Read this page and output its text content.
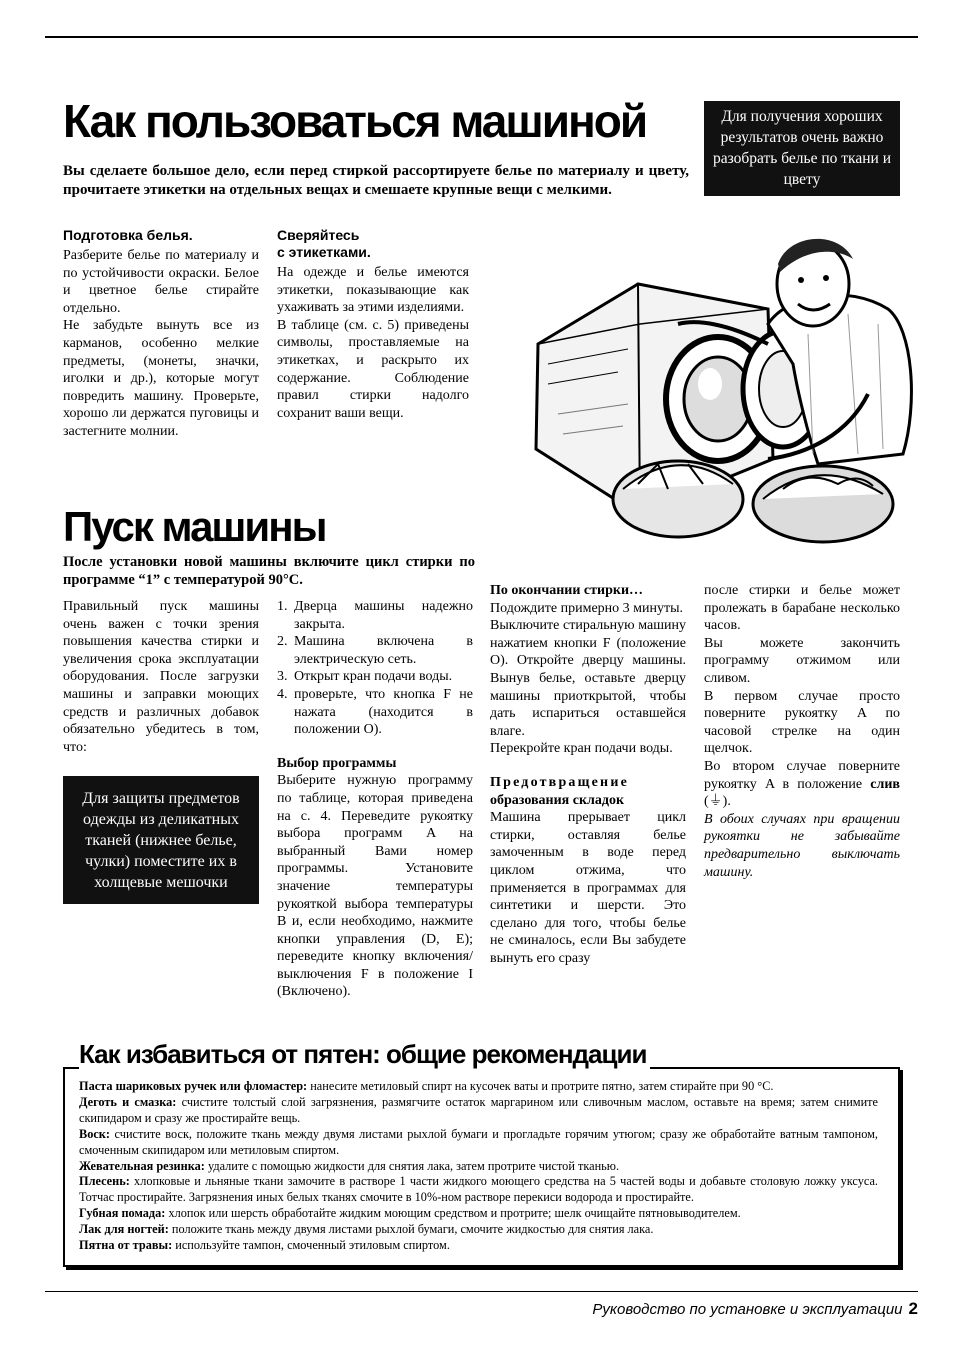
Как пользоваться машиной	Для получения хороших результатов очень важно разобрать белье по ткани и цвету
Вы сделаете большое дело, если перед стиркой рассортируете белье по материалу и цвету, прочитаете этикетки на отдельных вещах и смешаете крупные вещи с мелкими.
Подготовка белья.

Разберите белье по материалу и по устойчивости окраски. Белое и цветное белье стирайте отдельно.

Не забудьте вынуть все из карманов, особенно мелкие предметы, (монеты, значки, иголки и др.), которые могут повредить машину. Проверьте, хорошо ли держатся пуговицы и застегните молнии.

Сверяйтесь
с этикетками.

На одежде и белье имеются этикетки, показывающие как ухаживать за этими изделиями.

В таблице (см. с. 5) приведены символы, проставляемые на этикетках, и раскрыто их содержание. Соблюдение правил стирки надолго сохранит ваши вещи.

Пуск машины
После установки новой машины включите цикл стирки по программе “1” с температурой 90°С.
Правильный пуск машины очень важен с точки зрения повышения качества стирки и увеличения срока эксплуатации оборудования. После загрузки машины и заправки моющих средств и различных добавок обязательно убедитесь в том, что:
Для защиты предметов одежды из деликатных тканей (нижнее белье, чулки) поместите их в холщевые мешочки
1. Дверца машины надежно закрыта.
2. Машина включена в электрическую сеть.
3. Открыт кран подачи воды.
4. проверьте, что кнопка F не нажата (находится в положении О).
Выбор программы
Выберите нужную программу по таблице, которая приведена на с. 4. Переведите рукоятку выбора программ A на выбранный Вами номер программы. Установите значение температуры рукояткой выбора температуры B и, если необходимо, нажмите кнопки управления (D, E); переведите кнопку включения/выключения F в положение I (Включено).
По окончании стирки…

Подождите примерно 3 минуты.

Выключите стиральную машину нажатием кнопки F (положение О). Откройте дверцу машины. Вынув белье, оставьте дверцу машины приоткрытой, чтобы дать испариться оставшейся влаге.

Перекройте кран подачи воды.

Предотвращение
образования складок
Машина прерывает цикл стирки, оставляя белье замоченным в воде перед циклом отжима, что применяется в программах для синтетики и шерсти. Это сделано для того, чтобы белье не сминалось, если Вы забудете вынуть его сразу

после стирки и белье может пролежать в барабане несколько часов.

Вы можете закончить программу отжимом или сливом.

В первом случае просто поверните рукоятку A по часовой стрелке на один щелчок.

Во втором случае поверните рукоятку A в положение слив (⏚).

В обоих случаях при вращении рукоятки не забывайте предварительно выключать машину.

Паста шариковых ручек или фломастер: нанесите метиловый спирт на кусочек ваты и протрите пятно, затем стирайте при 90 °С.
Деготь и смазка: счистите толстый слой загрязнения, размягчите остаток маргарином или сливочным маслом, оставьте на время; затем снимите скипидаром и сразу же простирайте вещь.
Воск: счистите воск, положите ткань между двумя листами рыхлой бумаги и прогладьте горячим утюгом; сразу же обработайте ватным тампоном, смоченным скипидаром или метиловым спиртом.
Жевательная резинка: удалите с помощью жидкости для снятия лака, затем протрите чистой тканью.
Плесень: хлопковые и льняные ткани замочите в растворе 1 части жидкого моющего средства на 5 частей воды и добавьте столовую ложку уксуса. Тотчас простирайте. Загрязнения иных белых тканях смочите в 10%-ном растворе перекиси водорода и простирайте.
Губная помада: хлопок или шерсть обработайте жидким моющим средством и протрите; шелк очищайте пятновыводителем.
Лак для ногтей: положите ткань между двумя листами рыхлой бумаги, смочите жидкостью для снятия лака.
Пятна от травы: используйте тампон, смоченный этиловым спиртом.
Как избавиться от пятен: общие рекомендации
Руководство по установке и эксплуатации 2
